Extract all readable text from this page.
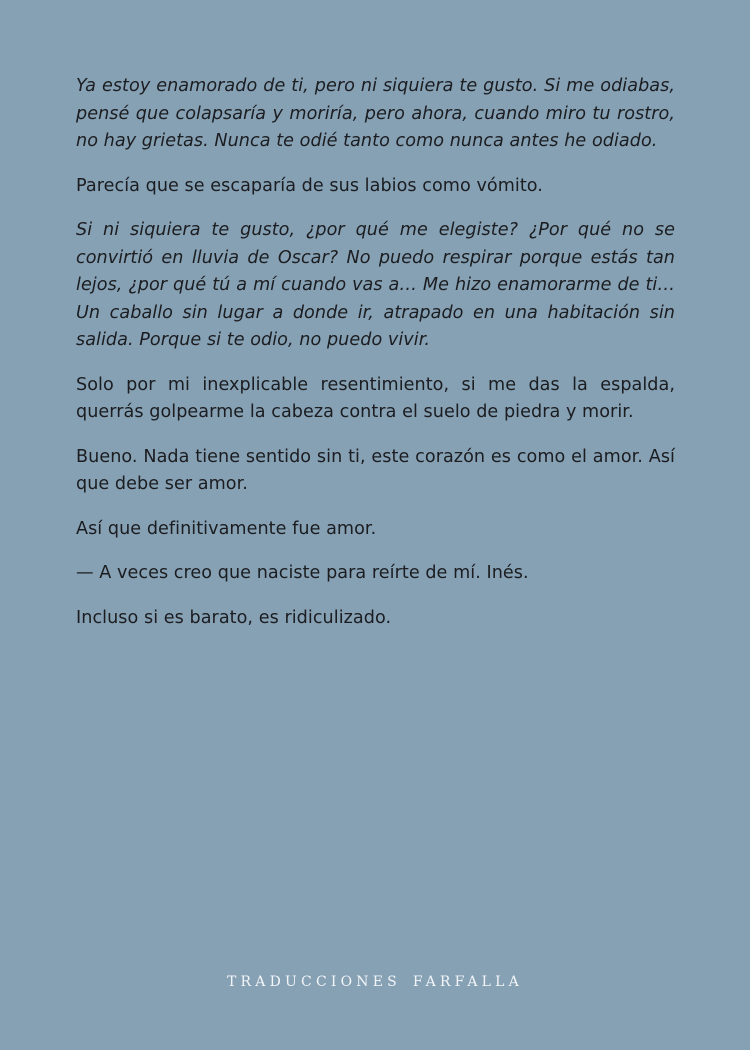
Ya estoy enamorado de ti, pero ni siquiera te gusto. Si me odiabas, pensé que colapsaría y moriría, pero ahora, cuando miro tu rostro, no hay grietas. Nunca te odié tanto como nunca antes he odiado.

Parecía que se escaparía de sus labios como vómito.

Si ni siquiera te gusto, ¿por qué me elegiste? ¿Por qué no se convirtió en lluvia de Oscar? No puedo respirar porque estás tan lejos, ¿por qué tú a mí cuando vas a… Me hizo enamorarme de ti… Un caballo sin lugar a donde ir, atrapado en una habitación sin salida. Porque si te odio, no puedo vivir.

Solo por mi inexplicable resentimiento, si me das la espalda, querrás golpearme la cabeza contra el suelo de piedra y morir.

Bueno. Nada tiene sentido sin ti, este corazón es como el amor. Así que debe ser amor.

Así que definitivamente fue amor.

— A veces creo que naciste para reírte de mí. Inés.

Incluso si es barato, es ridiculizado.

TRADUCCIONES FARFALLA
